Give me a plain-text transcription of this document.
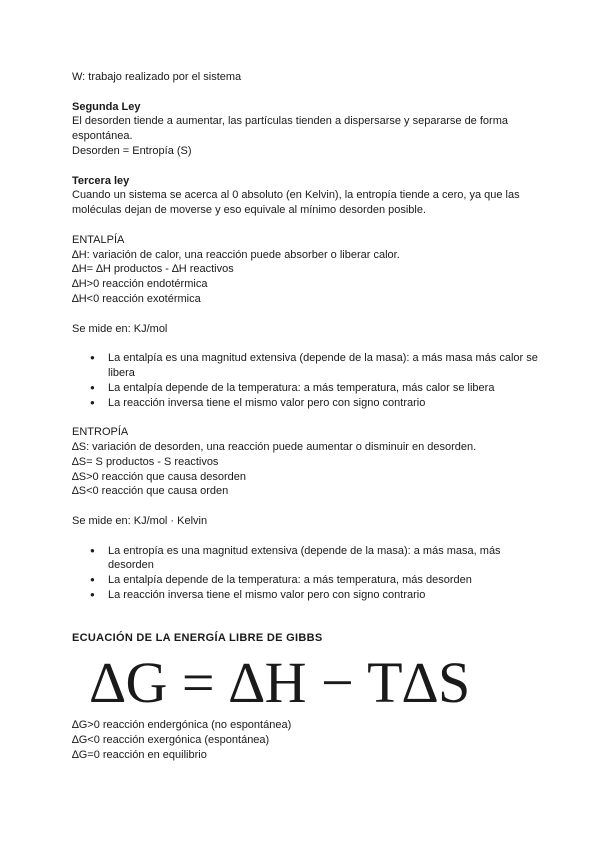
W: trabajo realizado por el sistema

Segunda Ley

El desorden tiende a aumentar, las partículas tienden a dispersarse y separarse de forma

espontánea.

Desorden = Entropía (S)

Tercera ley

Cuando un sistema se acerca al 0 absoluto (en Kelvin), la entropía tiende a cero, ya que las

moléculas dejan de moverse y eso equivale al mínimo desorden posible.

ENTALPÍA

∆H: variación de calor, una reacción puede absorber o liberar calor.

∆H= ∆H productos - ∆H reactivos

∆H>0 reacción endotérmica

∆H<0 reacción exotérmica

Se mide en: KJ/mol

● La entalpía es una magnitud extensiva (depende de la masa): a más masa más calor se libera
● La entalpía depende de la temperatura: a más temperatura, más calor se libera
● La reacción inversa tiene el mismo valor pero con signo contrario

ENTROPÍA

∆S: variación de desorden, una reacción puede aumentar o disminuir en desorden.

∆S= S productos - S reactivos

∆S>0 reacción que causa desorden

∆S<0 reacción que causa orden

Se mide en: KJ/mol · Kelvin

● La entropía es una magnitud extensiva (depende de la masa): a más masa, más desorden
● La entalpía depende de la temperatura: a más temperatura, más desorden
● La reacción inversa tiene el mismo valor pero con signo contrario

ECUACIÓN DE LA ENERGÍA LIBRE DE GIBBS

∆G = ∆H − T∆S

∆G>0 reacción endergónica (no espontánea)

∆G<0 reacción exergónica (espontánea)

∆G=0 reacción en equilibrio
